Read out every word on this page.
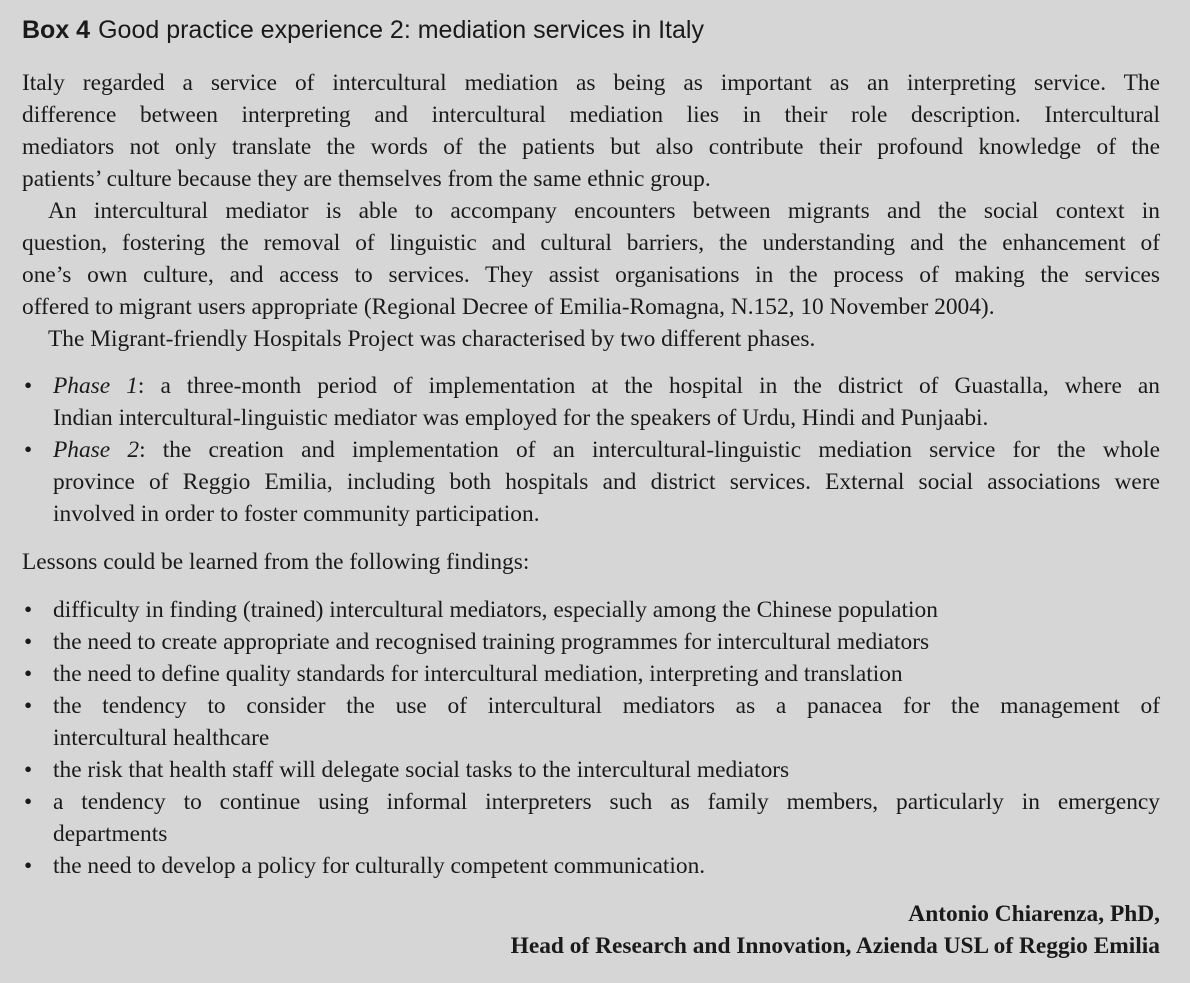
Box 4 Good practice experience 2: mediation services in Italy
Italy regarded a service of intercultural mediation as being as important as an interpreting service. The
difference between interpreting and intercultural mediation lies in their role description. Intercultural
mediators not only translate the words of the patients but also contribute their profound knowledge of the
patients’ culture because they are themselves from the same ethnic group.
An intercultural mediator is able to accompany encounters between migrants and the social context in
question, fostering the removal of linguistic and cultural barriers, the understanding and the enhancement of
one’s own culture, and access to services. They assist organisations in the process of making the services
offered to migrant users appropriate (Regional Decree of Emilia-Romagna, N.152, 10 November 2004).
The Migrant-friendly Hospitals Project was characterised by two different phases.
• Phase 1: a three-month period of implementation at the hospital in the district of Guastalla, where an
Indian intercultural-linguistic mediator was employed for the speakers of Urdu, Hindi and Punjaabi.
• Phase 2: the creation and implementation of an intercultural-linguistic mediation service for the whole
province of Reggio Emilia, including both hospitals and district services. External social associations were
involved in order to foster community participation.
Lessons could be learned from the following findings:
• difficulty in finding (trained) intercultural mediators, especially among the Chinese population
• the need to create appropriate and recognised training programmes for intercultural mediators
• the need to define quality standards for intercultural mediation, interpreting and translation
• the tendency to consider the use of intercultural mediators as a panacea for the management of
intercultural healthcare
• the risk that health staff will delegate social tasks to the intercultural mediators
• a tendency to continue using informal interpreters such as family members, particularly in emergency
departments
• the need to develop a policy for culturally competent communication.
Antonio Chiarenza, PhD,
Head of Research and Innovation, Azienda USL of Reggio Emilia
